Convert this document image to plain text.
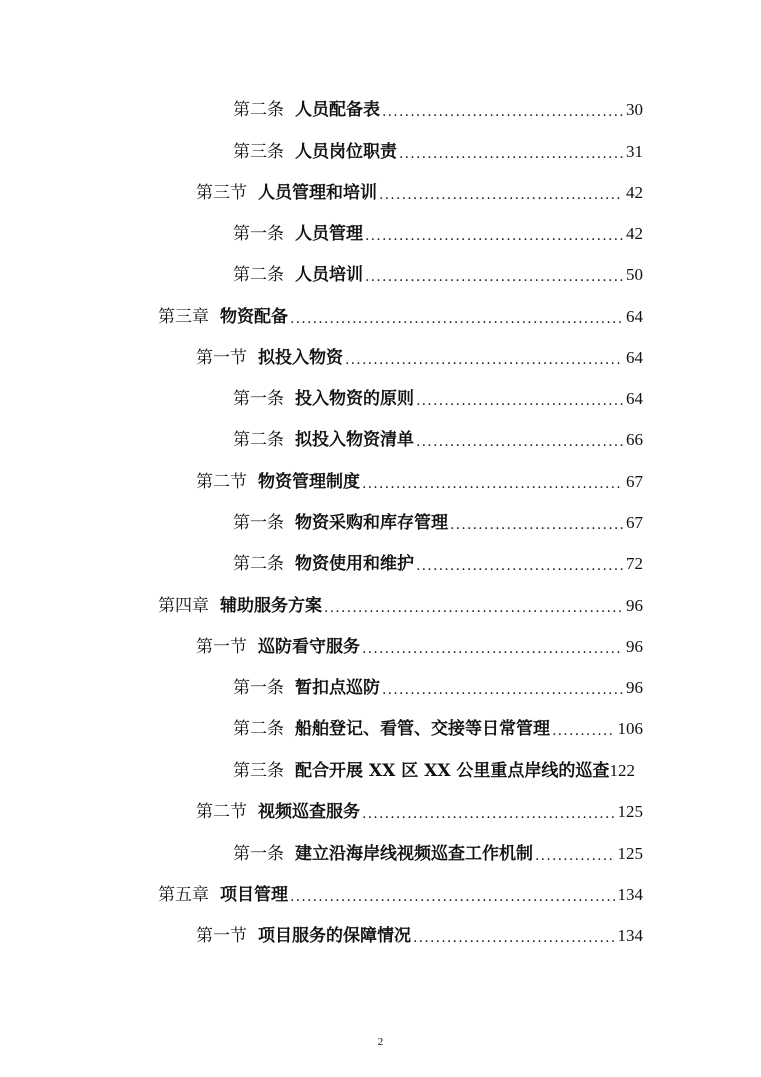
第二条 人员配备表 .....	30
第三条 人员岗位职责 .....	31
第三节 人员管理和培训 .....	42
第一条 人员管理 .....	42
第二条 人员培训 .....	50
第三章 物资配备 .....	64
第一节 拟投入物资 .....	64
第一条 投入物资的原则 .....	64
第二条 拟投入物资清单 .....	66
第二节 物资管理制度 .....	67
第一条 物资采购和库存管理 .....	67
第二条 物资使用和维护 .....	72
第四章 辅助服务方案 .....	96
第一节 巡防看守服务 .....	96
第一条 暂扣点巡防 .....	96
第二条 船舶登记、看管、交接等日常管理 .....	106
第三条 配合开展 XX 区 XX 公里重点岸线的巡查 122
第二节 视频巡查服务 .....	125
第一条 建立沿海岸线视频巡查工作机制 .....	125
第五章 项目管理 .....	134
第一节 项目服务的保障情况 .....	134
2
